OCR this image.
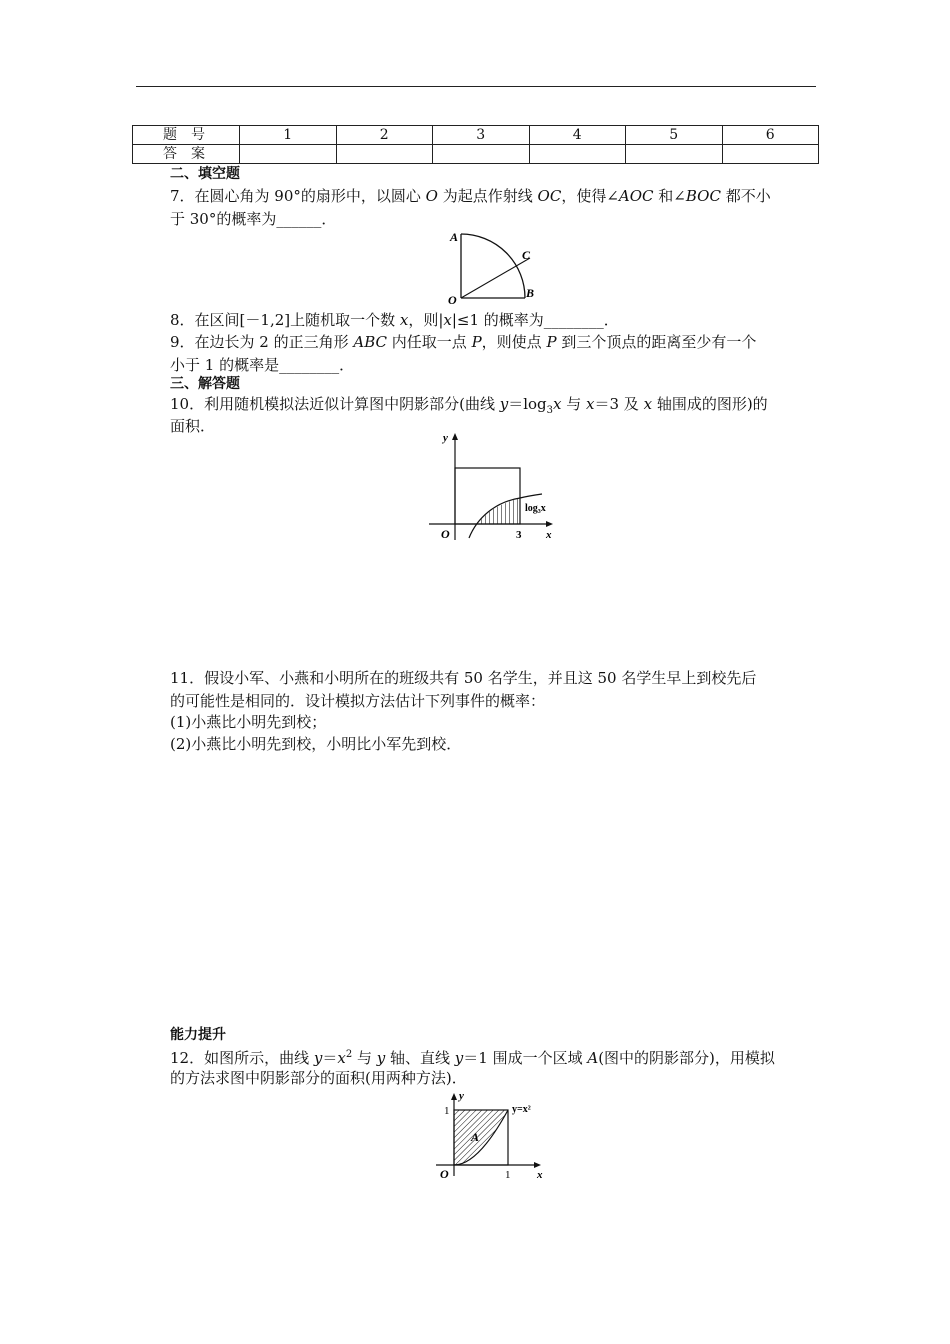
题号	1	2	3	4	5	6
答案						
二、填空题
7．在圆心角为 90°的扇形中，以圆心 O 为起点作射线 OC，使得∠AOC 和∠BOC 都不小
于 30°的概率为______．
A
B
C
O
8．在区间[－1,2]上随机取一个数 x，则|x|≤1 的概率为________．
9．在边长为 2 的正三角形 ABC 内任取一点 P，则使点 P 到三个顶点的距离至少有一个
小于 1 的概率是________．
三、解答题
10．利用随机模拟法近似计算图中阴影部分(曲线 $y=\log_3x$ 与 x＝3 及 x 轴围成的图形)的
面积．
y
x
O	3
log₃x
11．假设小军、小燕和小明所在的班级共有 50 名学生，并且这 50 名学生早上到校先后
的可能性是相同的．设计模拟方法估计下列事件的概率：
(1)小燕比小明先到校；
(2)小燕比小明先到校，小明比小军先到校．
能力提升
12．如图所示，曲线 $y=x^2$ 与 y 轴、直线 y＝1 围成一个区域 A(图中的阴影部分)，用模拟
的方法求图中阴影部分的面积(用两种方法)．
y
x
O	1
1
A
y=x²
